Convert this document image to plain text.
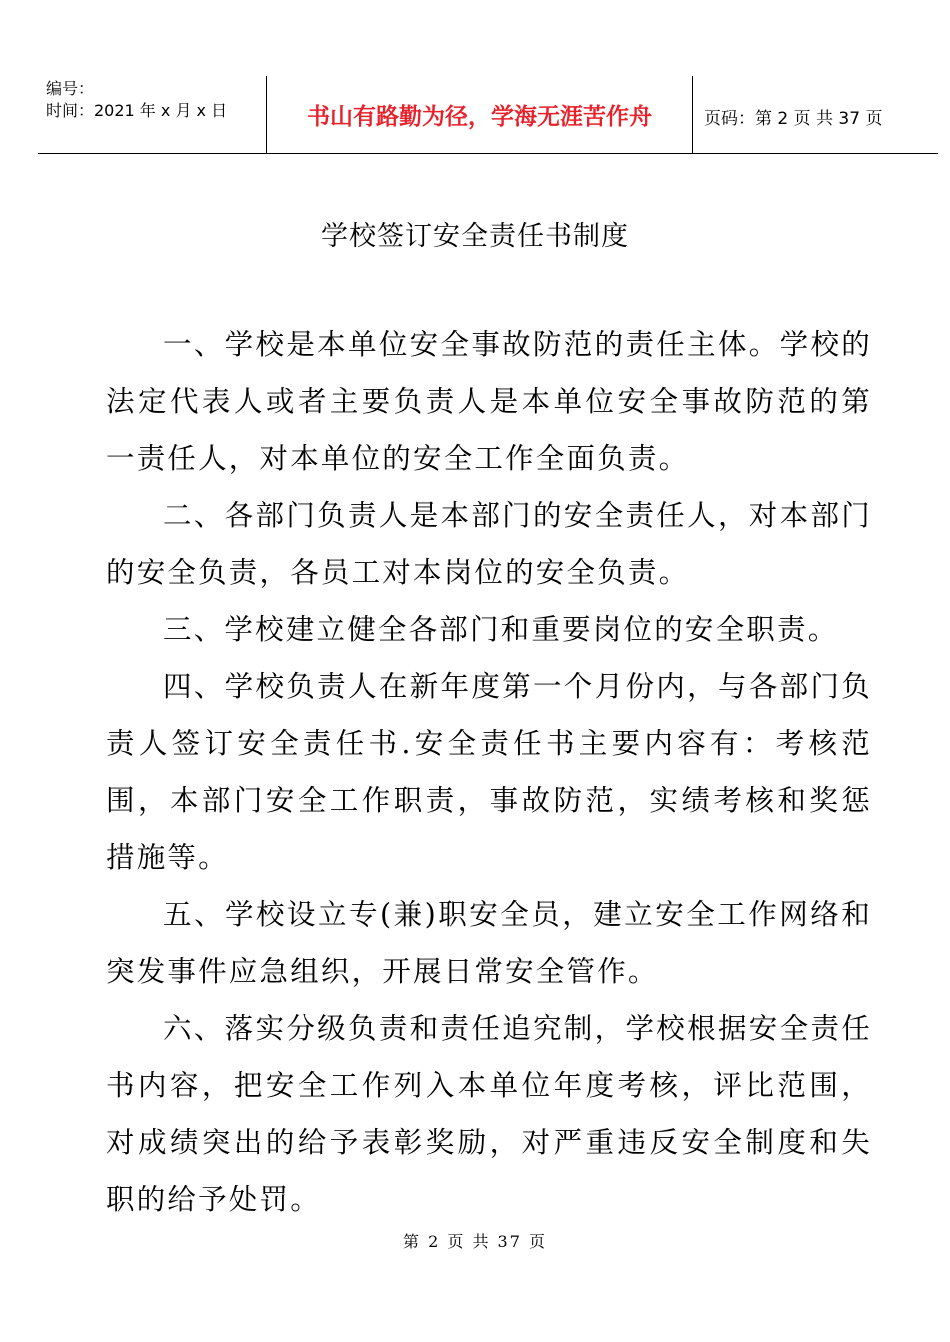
编号：
时间：2021 年 x 月 x 日	书山有路勤为径，学海无涯苦作舟	页码：第 2 页 共 37 页
学校签订安全责任书制度

一、学校是本单位安全事故防范的责任主体。学校的法定代表人或者主要负责人是本单位安全事故防范的第一责任人，对本单位的安全工作全面负责。

二、各部门负责人是本部门的安全责任人，对本部门的安全负责，各员工对本岗位的安全负责。

三、学校建立健全各部门和重要岗位的安全职责。

四、学校负责人在新年度第一个月份内，与各部门负责人签订安全责任书.安全责任书主要内容有：考核范围，本部门安全工作职责，事故防范，实绩考核和奖惩措施等。

五、学校设立专(兼)职安全员，建立安全工作网络和突发事件应急组织，开展日常安全管作。

六、落实分级负责和责任追究制，学校根据安全责任书内容，把安全工作列入本单位年度考核，评比范围，对成绩突出的给予表彰奖励，对严重违反安全制度和失职的给予处罚。

第 2 页 共 37 页
